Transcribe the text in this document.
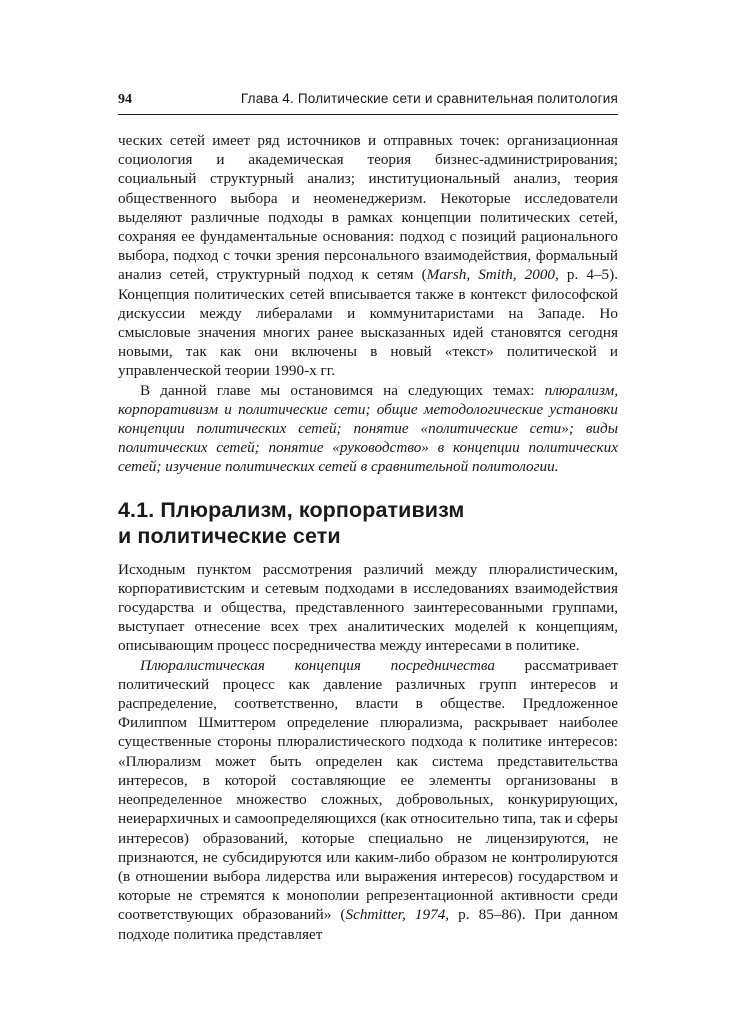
94	Глава 4. Политические сети и сравнительная политология

ческих сетей имеет ряд источников и отправных точек: организационная социология и академическая теория бизнес-администрирования; социальный структурный анализ; институциональный анализ, теория общественного выбора и неоменеджеризм. Некоторые исследователи выделяют различные подходы в рамках концепции политических сетей, сохраняя ее фундаментальные основания: подход с позиций рационального выбора, подход с точки зрения персонального взаимодействия, формальный анализ сетей, структурный подход к сетям (Marsh, Smith, 2000, p. 4–5). Концепция политических сетей вписывается также в контекст философской дискуссии между либералами и коммунитаристами на Западе. Но смысловые значения многих ранее высказанных идей становятся сегодня новыми, так как они включены в новый «текст» политической и управленческой теории 1990-х гг.

В данной главе мы остановимся на следующих темах: плюрализм, корпоративизм и политические сети; общие методологические установки концепции политических сетей; понятие «политические сети»; виды политических сетей; понятие «руководство» в концепции политических сетей; изучение политических сетей в сравнительной политологии.

4.1. Плюрализм, корпоративизм
и политические сети

Исходным пунктом рассмотрения различий между плюралистическим, корпоративистским и сетевым подходами в исследованиях взаимодействия государства и общества, представленного заинтересованными группами, выступает отнесение всех трех аналитических моделей к концепциям, описывающим процесс посредничества между интересами в политике.

Плюралистическая концепция посредничества рассматривает политический процесс как давление различных групп интересов и распределение, соответственно, власти в обществе. Предложенное Филиппом Шмиттером определение плюрализма, раскрывает наиболее существенные стороны плюралистического подхода к политике интересов: «Плюрализм может быть определен как система представительства интересов, в которой составляющие ее элементы организованы в неопределенное множество сложных, добровольных, конкурирующих, неиерархичных и самоопределяющихся (как относительно типа, так и сферы интересов) образований, которые специально не лицензируются, не признаются, не субсидируются или каким-либо образом не контролируются (в отношении выбора лидерства или выражения интересов) государством и которые не стремятся к монополии репрезентационной активности среди соответствующих образований» (Schmitter, 1974, p. 85–86). При данном подходе политика представляет
